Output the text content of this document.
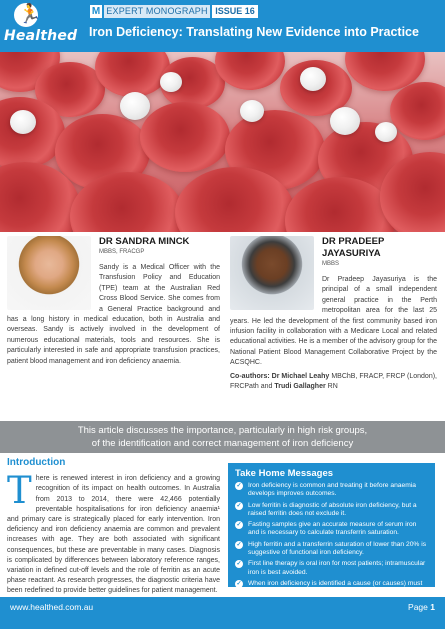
🏃
Healthed
M EXPERT MONOGRAPH ISSUE 16
Iron Deficiency: Translating New Evidence into Practice
DR SANDRA MINCK
MBBS, FRACGP

Sandy is a Medical Officer with the Transfusion Policy and Education (TPE) team at the Australian Red Cross Blood Service. She comes from a General Practice background and has a long history in medical education, both in Australia and overseas. Sandy is actively involved in the development of numerous educational materials, tools and resources. She is particularly interested in safe and appropriate transfusion practices, patient blood management and iron deficiency anaemia.

DR PRADEEP JAYASURIYA
MBBS

Dr Pradeep Jayasuriya is the principal of a small independent general practice in the Perth metropolitan area for the last 25 years. He led the development of the first community based iron infusion facility in collaboration with a Medicare Local and related educational activities. He is a member of the advisory group for the National Patient Blood Management Collaborative Project by the ACSQHC.

Co-authors: Dr Michael Leahy MBChB, FRACP, FRCP (London), FRCPath and Trudi Gallagher RN

This article discusses the importance, particularly in high risk groups,
of the identification and correct management of iron deficiency
Introduction

There is renewed interest in iron deficiency and a growing recognition of its impact on health outcomes. In Australia from 2013 to 2014, there were 42,466 potentially preventable hospitalisations for iron deficiency anaemia¹ and primary care is strategically placed for early intervention. Iron deficiency and iron deficiency anaemia are common and prevalent increases with age. They are both associated with significant consequences, but these are preventable in many cases. Diagnosis is complicated by differences between laboratory reference ranges, variation in defined cut-off levels and the role of ferritin as an acute phase reactant. As research progresses, the diagnostic criteria have been redefined to provide better guidelines for patient management.

Take Home Messages
✓ Iron deficiency is common and treating it before anaemia develops improves outcomes.
✓ Low ferritin is diagnostic of absolute iron deficiency, but a raised ferritin does not exclude it.
✓ Fasting samples give an accurate measure of serum iron and is necessary to calculate transferrin saturation.
✓ High ferritin and a transferrin saturation of lower than 20% is suggestive of functional iron deficiency.
✓ First line therapy is oral iron for most patients; intramuscular iron is best avoided.
✓ When iron deficiency is identified a cause (or causes) must be determined.
www.healthed.com.au	Page 1
